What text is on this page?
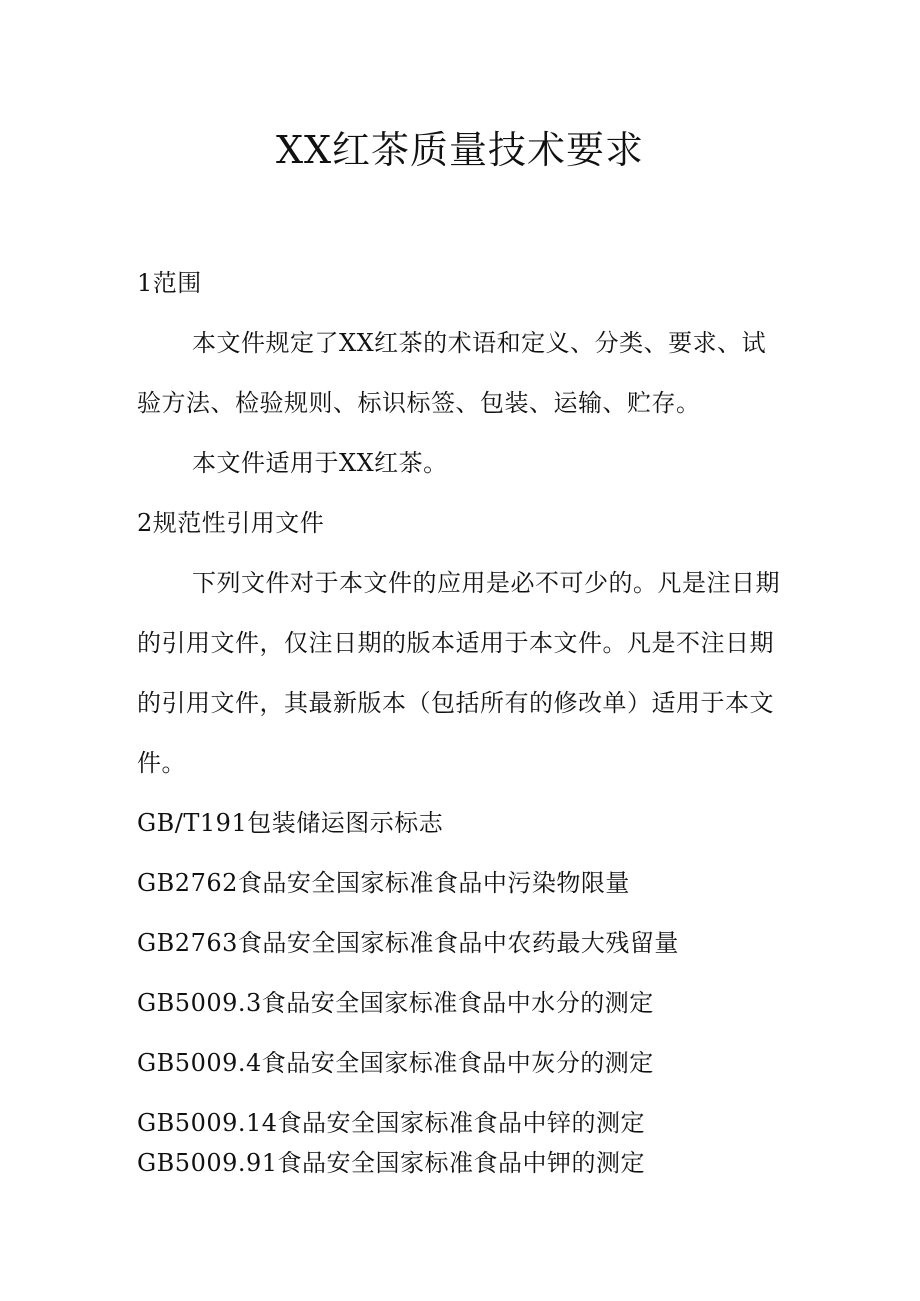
XX红茶质量技术要求
1范围
本文件规定了XX红茶的术语和定义、分类、要求、试
验方法、检验规则、标识标签、包装、运输、贮存。
本文件适用于XX红茶。
2规范性引用文件
下列文件对于本文件的应用是必不可少的。凡是注日期
的引用文件，仅注日期的版本适用于本文件。凡是不注日期
的引用文件，其最新版本（包括所有的修改单）适用于本文
件。
GB/T191包装储运图示标志
GB2762食品安全国家标准食品中污染物限量
GB2763食品安全国家标准食品中农药最大残留量
GB5009.3食品安全国家标准食品中水分的测定
GB5009.4食品安全国家标准食品中灰分的测定
GB5009.14食品安全国家标准食品中锌的测定
GB5009.91食品安全国家标准食品中钾的测定
